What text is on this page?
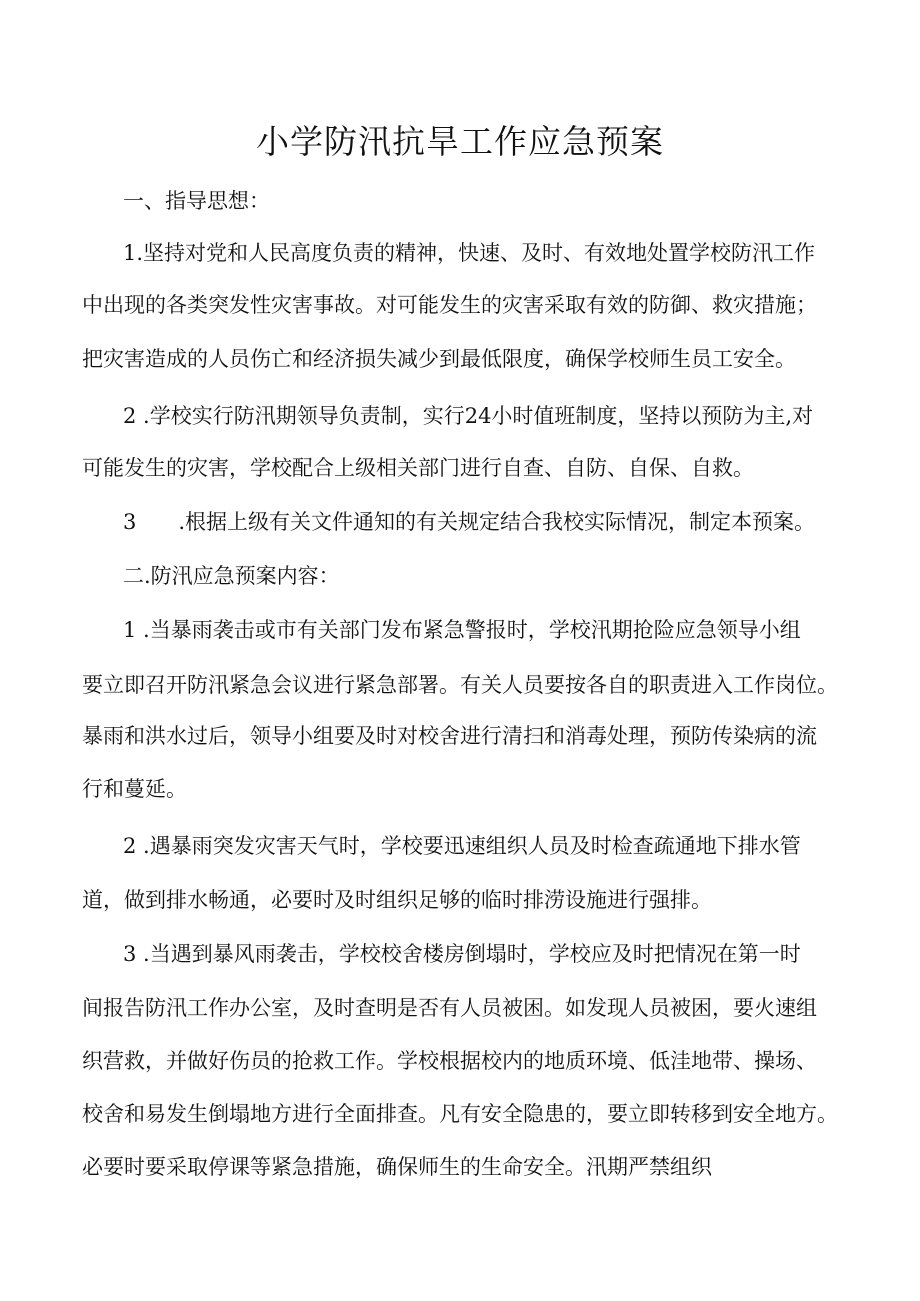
小学防汛抗旱工作应急预案

一、指导思想：

1.坚持对党和人民高度负责的精神，快速、及时、有效地处置学校防汛工作

中出现的各类突发性灾害事故。对可能发生的灾害采取有效的防御、救灾措施；

把灾害造成的人员伤亡和经济损失减少到最低限度，确保学校师生员工安全。

2 .学校实行防汛期领导负责制，实行24小时值班制度，坚持以预防为主,对

可能发生的灾害，学校配合上级相关部门进行自查、自防、自保、自救。

3　　.根据上级有关文件通知的有关规定结合我校实际情况，制定本预案。

二.防汛应急预案内容：

1 .当暴雨袭击或市有关部门发布紧急警报时，学校汛期抢险应急领导小组

要立即召开防汛紧急会议进行紧急部署。有关人员要按各自的职责进入工作岗位。

暴雨和洪水过后，领导小组要及时对校舍进行清扫和消毒处理，预防传染病的流

行和蔓延。

2 .遇暴雨突发灾害天气时，学校要迅速组织人员及时检查疏通地下排水管

道，做到排水畅通，必要时及时组织足够的临时排涝设施进行强排。

3 .当遇到暴风雨袭击，学校校舍楼房倒塌时，学校应及时把情况在第一时

间报告防汛工作办公室，及时查明是否有人员被困。如发现人员被困，要火速组

织营救，并做好伤员的抢救工作。学校根据校内的地质环境、低洼地带、操场、

校舍和易发生倒塌地方进行全面排查。凡有安全隐患的，要立即转移到安全地方。

必要时要采取停课等紧急措施，确保师生的生命安全。汛期严禁组织
